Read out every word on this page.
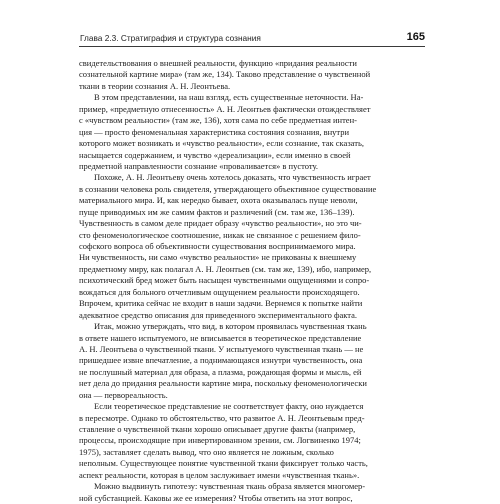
Глава 2.3. Стратиграфия и структура сознания	165
свидетельствования о внешней реальности, функцию «придания реальности
сознательной картине мира» (там же, 134). Таково представление о чувственной
ткани в теории сознания А. Н. Леонтьева.
В этом представлении, на наш взгляд, есть существенные неточности. На-
пример, «предметную отнесенность» А. Н. Леонтьев фактически отождествляет
с «чувством реальности» (там же, 136), хотя сама по себе предметная интен-
ция — просто феноменальная характеристика состояния сознания, внутри
которого может возникать и «чувство реальности», если сознание, так сказать,
насыщается содержанием, и чувство «дереализации», если именно в своей
предметной направленности сознание «проваливается» в пустоту.
Похоже, А. Н. Леонтьеву очень хотелось доказать, что чувственность играет
в сознании человека роль свидетеля, утверждающего объективное существование
материального мира. И, как нередко бывает, охота оказывалась пуще неволи,
пуще приводимых им же самим фактов и различений (см. там же, 136–139).
Чувственность в самом деле придает образу «чувство реальности», но это чи-
сто феноменологическое соотношение, никак не связанное с решением фило-
софского вопроса об объективности существования воспринимаемого мира.
Ни чувственность, ни само «чувство реальности» не прикованы к внешнему
предметному миру, как полагал А. Н. Леонтьев (см. там же, 139), ибо, например,
психотический бред может быть насыщен чувственными ощущениями и сопро-
вождаться для больного отчетливым ощущением реальности происходящего.
Впрочем, критика сейчас не входит в наши задачи. Вернемся к попытке найти
адекватное средство описания для приведенного экспериментального факта.
Итак, можно утверждать, что вид, в котором проявилась чувственная ткань
в ответе нашего испытуемого, не вписывается в теоретическое представление
А. Н. Леонтьева о чувственной ткани. У испытуемого чувственная ткань — не
пришедшее извне впечатление, а поднимающаяся изнутри чувственность, она
не послушный материал для образа, а плазма, рождающая формы и мысль, ей
нет дела до придания реальности картине мира, поскольку феноменологически
она — первореальность.
Если теоретическое представление не соответствует факту, оно нуждается
в пересмотре. Однако то обстоятельство, что развитое А. Н. Леонтьевым пред-
ставление о чувственной ткани хорошо описывает другие факты (например,
процессы, происходящие при инвертированном зрении, см. Логвиненко 1974;
1975), заставляет сделать вывод, что оно является не ложным, сколько
неполным. Существующее понятие чувственной ткани фиксирует только часть,
аспект реальности, которая в целом заслуживает имени «чувственная ткань».
Можно выдвинуть гипотезу: чувственная ткань образа является многомер-
ной субстанцией. Каковы же ее измерения? Чтобы ответить на этот вопрос,
